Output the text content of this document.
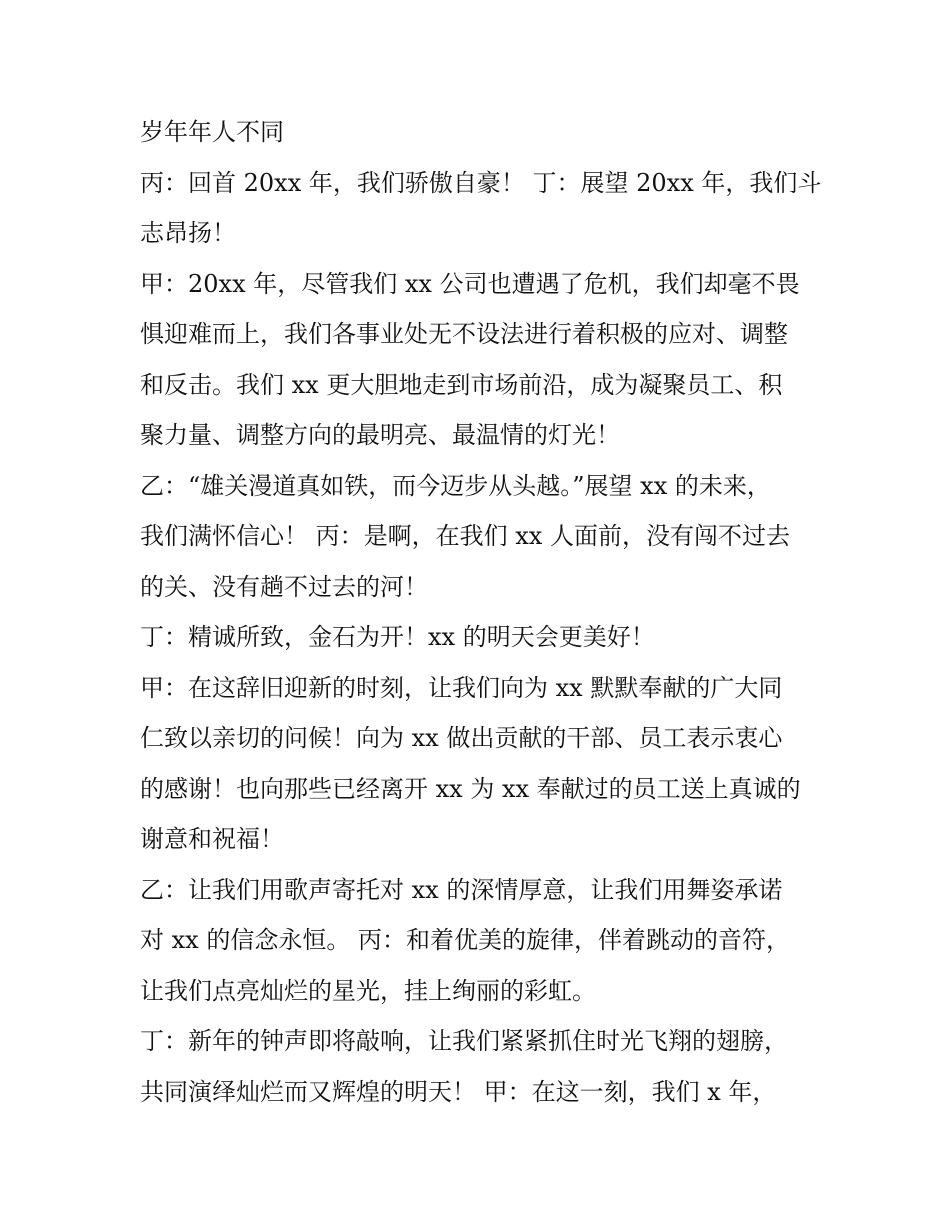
岁年年人不同
丙：回首 20xx 年，我们骄傲自豪！ 丁：展望 20xx 年，我们斗
志昂扬！
甲：20xx 年，尽管我们 xx 公司也遭遇了危机，我们却毫不畏
惧迎难而上，我们各事业处无不设法进行着积极的应对、调整
和反击。我们 xx 更大胆地走到市场前沿，成为凝聚员工、积
聚力量、调整方向的最明亮、最温情的灯光！
乙：“雄关漫道真如铁，而今迈步从头越。”展望 xx 的未来，
我们满怀信心！ 丙：是啊，在我们 xx 人面前，没有闯不过去
的关、没有趟不过去的河！
丁：精诚所致，金石为开！xx 的明天会更美好！
甲：在这辞旧迎新的时刻，让我们向为 xx 默默奉献的广大同
仁致以亲切的问候！向为 xx 做出贡献的干部、员工表示衷心
的感谢！也向那些已经离开 xx 为 xx 奉献过的员工送上真诚的
谢意和祝福！
乙：让我们用歌声寄托对 xx 的深情厚意，让我们用舞姿承诺
对 xx 的信念永恒。 丙：和着优美的旋律，伴着跳动的音符，
让我们点亮灿烂的星光，挂上绚丽的彩虹。
丁：新年的钟声即将敲响，让我们紧紧抓住时光飞翔的翅膀，
共同演绎灿烂而又辉煌的明天！ 甲：在这一刻，我们 x 年，
